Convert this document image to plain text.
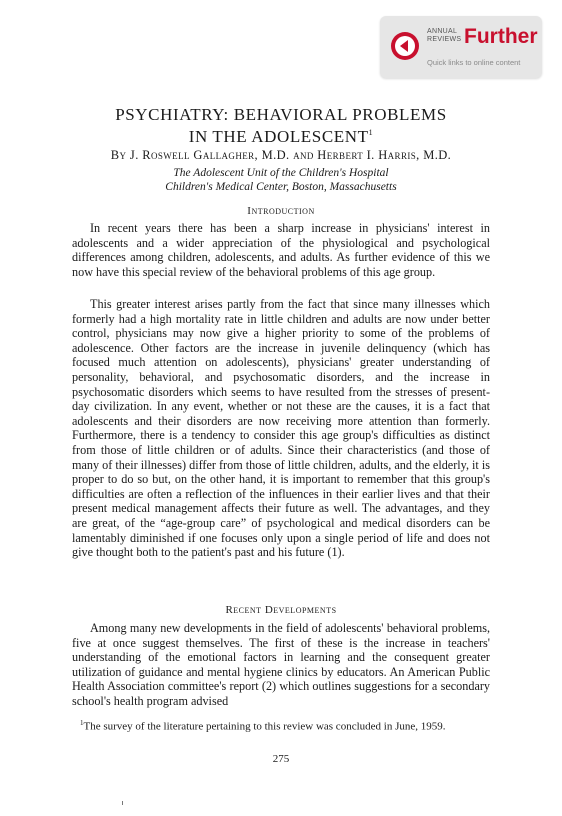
ANNUAL
REVIEWS Further
Quick links to online content
PSYCHIATRY: BEHAVIORAL PROBLEMS
IN THE ADOLESCENT$^1$
By J. Roswell Gallagher, M.D. and Herbert I. Harris, M.D.
The Adolescent Unit of the Children's Hospital
Children's Medical Center, Boston, Massachusetts
Introduction

In recent years there has been a sharp increase in physicians' interest in adolescents and a wider appreciation of the physiological and psychological differences among children, adolescents, and adults. As further evidence of this we now have this special review of the behavioral problems of this age group.

This greater interest arises partly from the fact that since many illnesses which formerly had a high mortality rate in little children and adults are now under better control, physicians may now give a higher priority to some of the problems of adolescence. Other factors are the increase in juvenile delinquency (which has focused much attention on adolescents), physicians' greater understanding of personality, behavioral, and psychosomatic disorders, and the increase in psychosomatic disorders which seems to have resulted from the stresses of present-day civilization. In any event, whether or not these are the causes, it is a fact that adolescents and their disorders are now receiving more attention than formerly. Furthermore, there is a tendency to consider this age group's difficulties as distinct from those of little children or of adults. Since their characteristics (and those of many of their illnesses) differ from those of little children, adults, and the elderly, it is proper to do so but, on the other hand, it is important to remember that this group's difficulties are often a reflection of the influences in their earlier lives and that their present medical management affects their future as well. The advantages, and they are great, of the “age-group care” of psychological and medical disorders can be lamentably diminished if one focuses only upon a single period of life and does not give thought both to the patient's past and his future (1).

Recent Developments

Among many new developments in the field of adolescents' behavioral problems, five at once suggest themselves. The first of these is the increase in teachers' understanding of the emotional factors in learning and the consequent greater utilization of guidance and mental hygiene clinics by educators. An American Public Health Association committee's report (2) which outlines suggestions for a secondary school's health program advised

$^1$The survey of the literature pertaining to this review was concluded in June, 1959.

275
